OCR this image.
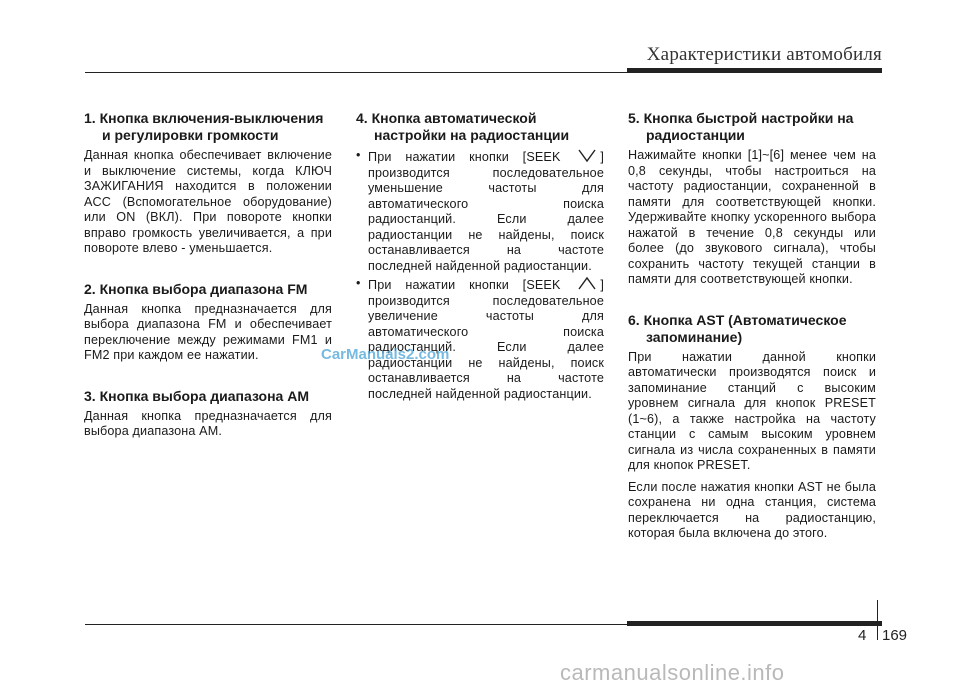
Характеристики автомобиля
1. Кнопка включения-выключения и регулировки громкости
Данная кнопка обеспечивает включение и выключение системы, когда КЛЮЧ ЗАЖИГАНИЯ находится в положении ACC (Вспомогательное оборудование) или ON (ВКЛ). При повороте кнопки вправо громкость увеличивается, а при повороте влево - уменьшается.
2. Кнопка выбора диапазона FM
Данная кнопка предназначается для выбора диапазона FM и обеспечивает переключение между режимами FM1 и FM2 при каждом ее нажатии.
3. Кнопка выбора диапазона AM
Данная кнопка предназначается для выбора диапазона AM.
4. Кнопка автоматической настройки на радиостанции
• При нажатии кнопки [SEEK	] производится последовательное уменьшение частоты для автоматического поиска радиостанций. Если далее радиостанции не найдены, поиск останавливается на частоте последней найденной радиостанции.
• При нажатии кнопки [SEEK	] производится последовательное увеличение частоты для автоматического поиска радиостанций. Если далее радиостанции не найдены, поиск останавливается на частоте последней найденной радиостанции.
5. Кнопка быстрой настройки на радиостанции
Нажимайте кнопки [1]~[6] менее чем на 0,8 секунды, чтобы настроиться на частоту радиостанции, сохраненной в памяти для соответствующей кнопки. Удерживайте кнопку ускоренного выбора нажатой в течение 0,8 секунды или более (до звукового сигнала), чтобы сохранить частоту текущей станции в памяти для соответствующей кнопки.
6. Кнопка AST (Автоматическое запоминание)
При нажатии данной кнопки автоматически производятся поиск и запоминание станций с высоким уровнем сигнала для кнопок PRESET (1~6), а также настройка на частоту станции с самым высоким уровнем сигнала из числа сохраненных в памяти для кнопок PRESET.
Если после нажатия кнопки AST не была сохранена ни одна станция, система переключается на радиостанцию, которая была включена до этого.
CarManuals2.com
4 169
carmanualsonline.info
